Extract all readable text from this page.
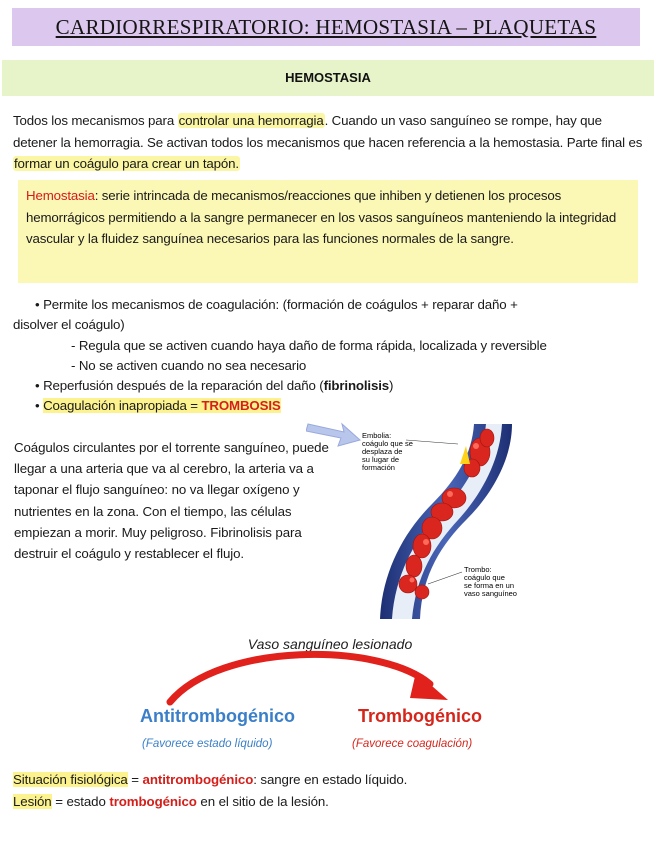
CARDIORRESPIRATORIO: HEMOSTASIA – PLAQUETAS
HEMOSTASIA
Todos los mecanismos para controlar una hemorragia. Cuando un vaso sanguíneo se rompe, hay que detener la hemorragia. Se activan todos los mecanismos que hacen referencia a la hemostasia. Parte final es formar un coágulo para crear un tapón.
Hemostasia: serie intrincada de mecanismos/reacciones que inhiben y detienen los procesos hemorrágicos permitiendo a la sangre permanecer en los vasos sanguíneos manteniendo la integridad vascular y la fluidez sanguínea necesarios para las funciones normales de la sangre.
• Permite los mecanismos de coagulación: (formación de coágulos + reparar daño +
disolver el coágulo)
- Regula que se activen cuando haya daño de forma rápida, localizada y reversible
- No se activen cuando no sea necesario
• Reperfusión después de la reparación del daño (fibrinolisis)
• Coagulación inapropiada = TROMBOSIS
Coágulos circulantes por el torrente sanguíneo, puede llegar a una arteria que va al cerebro, la arteria va a taponar el flujo sanguíneo: no va llegar oxígeno y nutrientes en la zona. Con el tiempo, las células empiezan a morir. Muy peligroso. Fibrinolisis para destruir el coágulo y restablecer el flujo.
Embolia: coágulo que se desplaza de su lugar de formación
Trombo: coágulo que se forma en un vaso sanguíneo
Vaso sanguíneo lesionado
Antitrombogénico
(Favorece estado líquido)
Trombogénico
(Favorece coagulación)
Situación fisiológica = antitrombogénico: sangre en estado líquido.
Lesión = estado trombogénico en el sitio de la lesión.
